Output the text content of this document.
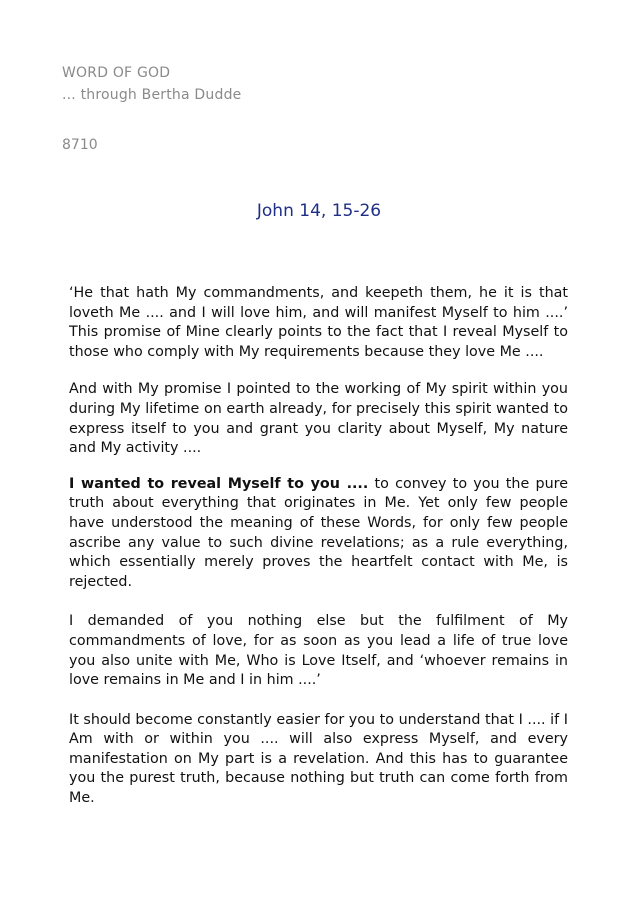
WORD OF GOD
... through Bertha Dudde
8710
John 14, 15-26

‘He that hath My commandments, and keepeth them, he it is that loveth Me .... and I will love him, and will manifest Myself to him ....’ This promise of Mine clearly points to the fact that I reveal Myself to those who comply with My requirements because they love Me ....

And with My promise I pointed to the working of My spirit within you during My lifetime on earth already, for precisely this spirit wanted to express itself to you and grant you clarity about Myself, My nature and My activity ....

I wanted to reveal Myself to you .... to convey to you the pure truth about everything that originates in Me. Yet only few people have understood the meaning of these Words, for only few people ascribe any value to such divine revelations; as a rule everything, which essentially merely proves the heartfelt contact with Me, is rejected.

I demanded of you nothing else but the fulfilment of My commandments of love, for as soon as you lead a life of true love you also unite with Me, Who is Love Itself, and ‘whoever remains in love remains in Me and I in him ....’

It should become constantly easier for you to understand that I .... if I Am with or within you .... will also express Myself, and every manifestation on My part is a revelation. And this has to guarantee you the purest truth, because nothing but truth can come forth from Me.
